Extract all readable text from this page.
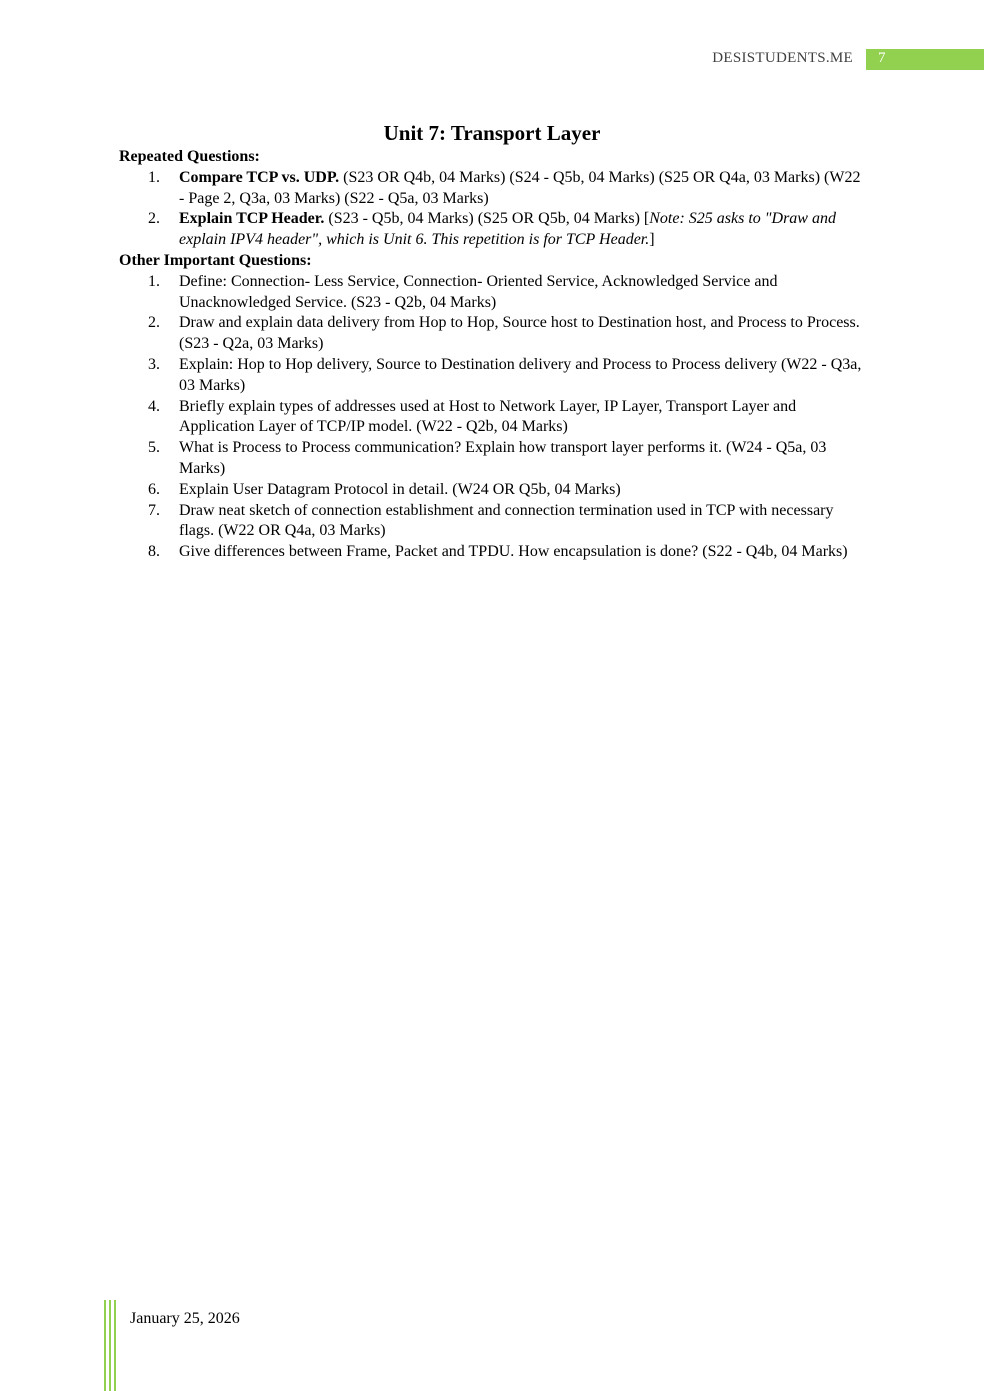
DESISTUDENTS.ME 7
Unit 7: Transport Layer

Repeated Questions:

1. Compare TCP vs. UDP. (S23 OR Q4b, 04 Marks) (S24 - Q5b, 04 Marks) (S25 OR Q4a, 03 Marks) (W22 - Page 2, Q3a, 03 Marks) (S22 - Q5a, 03 Marks)
2. Explain TCP Header. (S23 - Q5b, 04 Marks) (S25 OR Q5b, 04 Marks) [Note: S25 asks to "Draw and explain IPV4 header", which is Unit 6. This repetition is for TCP Header.]

Other Important Questions:

1. Define: Connection- Less Service, Connection- Oriented Service, Acknowledged Service and Unacknowledged Service. (S23 - Q2b, 04 Marks)
2. Draw and explain data delivery from Hop to Hop, Source host to Destination host, and Process to Process. (S23 - Q2a, 03 Marks)
3. Explain: Hop to Hop delivery, Source to Destination delivery and Process to Process delivery (W22 - Q3a, 03 Marks)
4. Briefly explain types of addresses used at Host to Network Layer, IP Layer, Transport Layer and Application Layer of TCP/IP model. (W22 - Q2b, 04 Marks)
5. What is Process to Process communication? Explain how transport layer performs it. (W24 - Q5a, 03 Marks)
6. Explain User Datagram Protocol in detail. (W24 OR Q5b, 04 Marks)
7. Draw neat sketch of connection establishment and connection termination used in TCP with necessary flags. (W22 OR Q4a, 03 Marks)
8. Give differences between Frame, Packet and TPDU. How encapsulation is done? (S22 - Q4b, 04 Marks)
January 25, 2026
